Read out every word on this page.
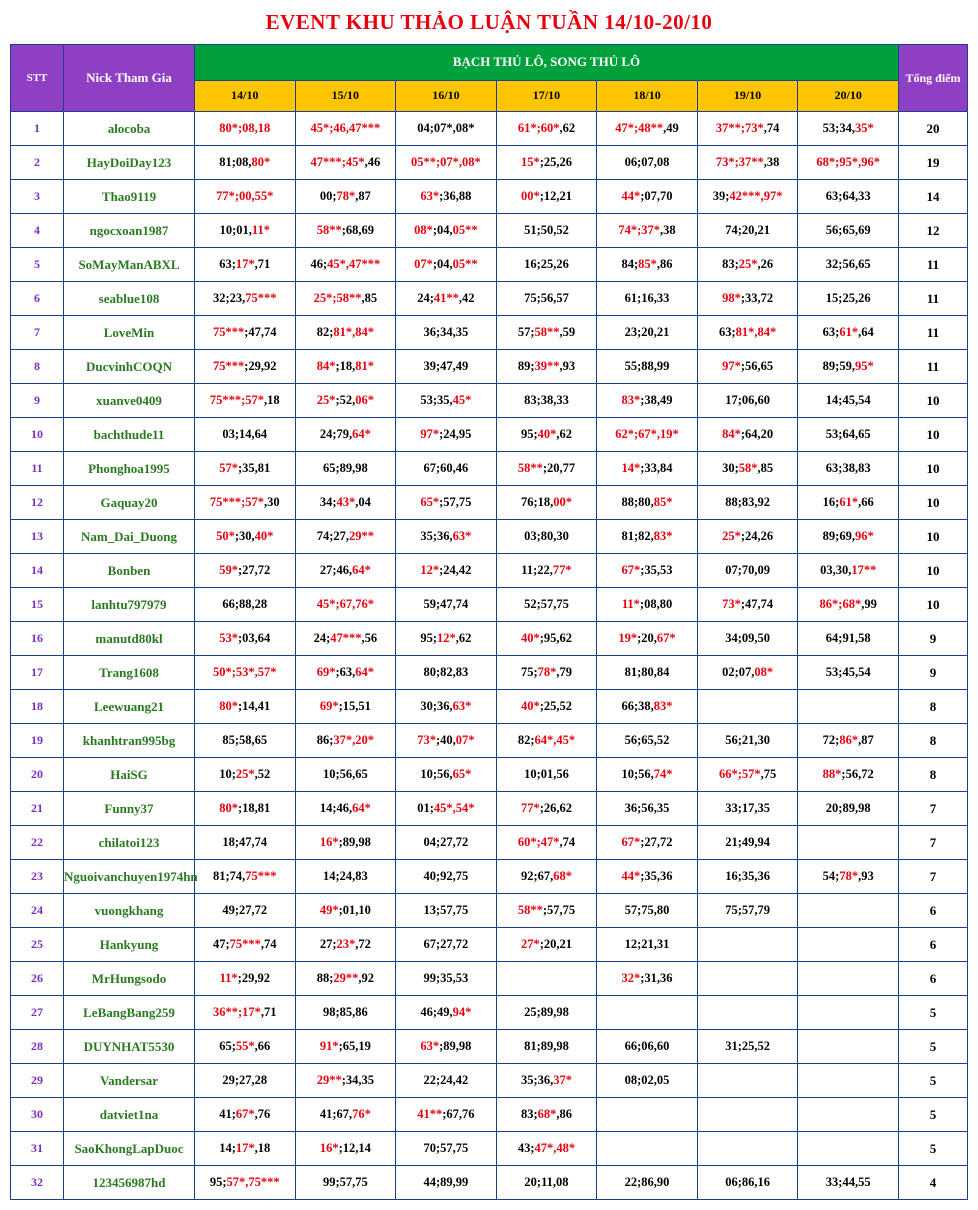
EVENT KHU THẢO LUẬN TUẦN 14/10-20/10
STT	Nick Tham Gia	BẠCH THỦ LÔ, SONG THỦ LÔ							Tổng điểm
		14/10	15/10	16/10	17/10	18/10	19/10	20/10	
1	alocoba	80*;08,18	45*;46,47***	04;07*,08*	61*;60*,62	47*;48**,49	37**;73*,74	53;34,35*	20
2	HayDoiDay123	81;08,80*	47***;45*,46	05**;07*,08*	15*;25,26	06;07,08	73*;37**,38	68*;95*,96*	19
3	Thao9119	77*;00,55*	00;78*,87	63*;36,88	00*;12,21	44*;07,70	39;42***,97*	63;64,33	14
4	ngocxoan1987	10;01,11*	58**;68,69	08*;04,05**	51;50,52	74*;37*,38	74;20,21	56;65,69	12
5	SoMayManABXL	63;17*,71	46;45*,47***	07*;04,05**	16;25,26	84;85*,86	83;25*,26	32;56,65	11
6	seablue108	32;23,75***	25*;58**,85	24;41**,42	75;56,57	61;16,33	98*;33,72	15;25,26	11
7	LoveMin	75***;47,74	82;81*,84*	36;34,35	57;58**,59	23;20,21	63;81*,84*	63;61*,64	11
8	DucvinhCOQN	75***;29,92	84*;18,81*	39;47,49	89;39**,93	55;88,99	97*;56,65	89;59,95*	11
9	xuanve0409	75***;57*,18	25*;52,06*	53;35,45*	83;38,33	83*;38,49	17;06,60	14;45,54	10
10	bachthude11	03;14,64	24;79,64*	97*;24,95	95;40*,62	62*;67*,19*	84*;64,20	53;64,65	10
11	Phonghoa1995	57*;35,81	65;89,98	67;60,46	58**;20,77	14*;33,84	30;58*,85	63;38,83	10
12	Gaquay20	75***;57*,30	34;43*,04	65*;57,75	76;18,00*	88;80,85*	88;83,92	16;61*,66	10
13	Nam_Dai_Duong	50*;30,40*	74;27,29**	35;36,63*	03;80,30	81;82,83*	25*;24,26	89;69,96*	10
14	Bonben	59*;27,72	27;46,64*	12*;24,42	11;22,77*	67*;35,53	07;70,09	03,30,17**	10
15	lanhtu797979	66;88,28	45*;67,76*	59;47,74	52;57,75	11*;08,80	73*;47,74	86*;68*,99	10
16	manutd80kl	53*;03,64	24;47***,56	95;12*,62	40*;95,62	19*;20,67*	34;09,50	64;91,58	9
17	Trang1608	50*;53*,57*	69*;63,64*	80;82,83	75;78*,79	81;80,84	02;07,08*	53;45,54	9
18	Leewuang21	80*;14,41	69*;15,51	30;36,63*	40*;25,52	66;38,83*			8
19	khanhtran995bg	85;58,65	86;37*,20*	73*;40,07*	82;64*,45*	56;65,52	56;21,30	72;86*,87	8
20	HaiSG	10;25*,52	10;56,65	10;56,65*	10;01,56	10;56,74*	66*;57*,75	88*;56,72	8
21	Funny37	80*;18,81	14;46,64*	01;45*,54*	77*;26,62	36;56,35	33;17,35	20;89,98	7
22	chilatoi123	18;47,74	16*;89,98	04;27,72	60*;47*,74	67*;27,72	21;49,94		7
23	Nguoivanchuyen1974hn	81;74,75***	14;24,83	40;92,75	92;67,68*	44*;35,36	16;35,36	54;78*,93	7
24	vuongkhang	49;27,72	49*;01,10	13;57,75	58**;57,75	57;75,80	75;57,79		6
25	Hankyung	47;75***,74	27;23*,72	67;27,72	27*;20,21	12;21,31			6
26	MrHungsodo	11*;29,92	88;29**,92	99;35,53		32*;31,36			6
27	LeBangBang259	36**;17*,71	98;85,86	46;49,94*	25;89,98				5
28	DUYNHAT5530	65;55*,66	91*;65,19	63*;89,98	81;89,98	66;06,60	31;25,52		5
29	Vandersar	29;27,28	29**;34,35	22;24,42	35;36,37*	08;02,05			5
30	datviet1na	41;67*,76	41;67,76*	41**;67,76	83;68*,86				5
31	SaoKhongLapDuoc	14;17*,18	16*;12,14	70;57,75	43;47*,48*				5
32	123456987hd	95;57*,75***	99;57,75	44;89,99	20;11,08	22;86,90	06;86,16	33;44,55	4
